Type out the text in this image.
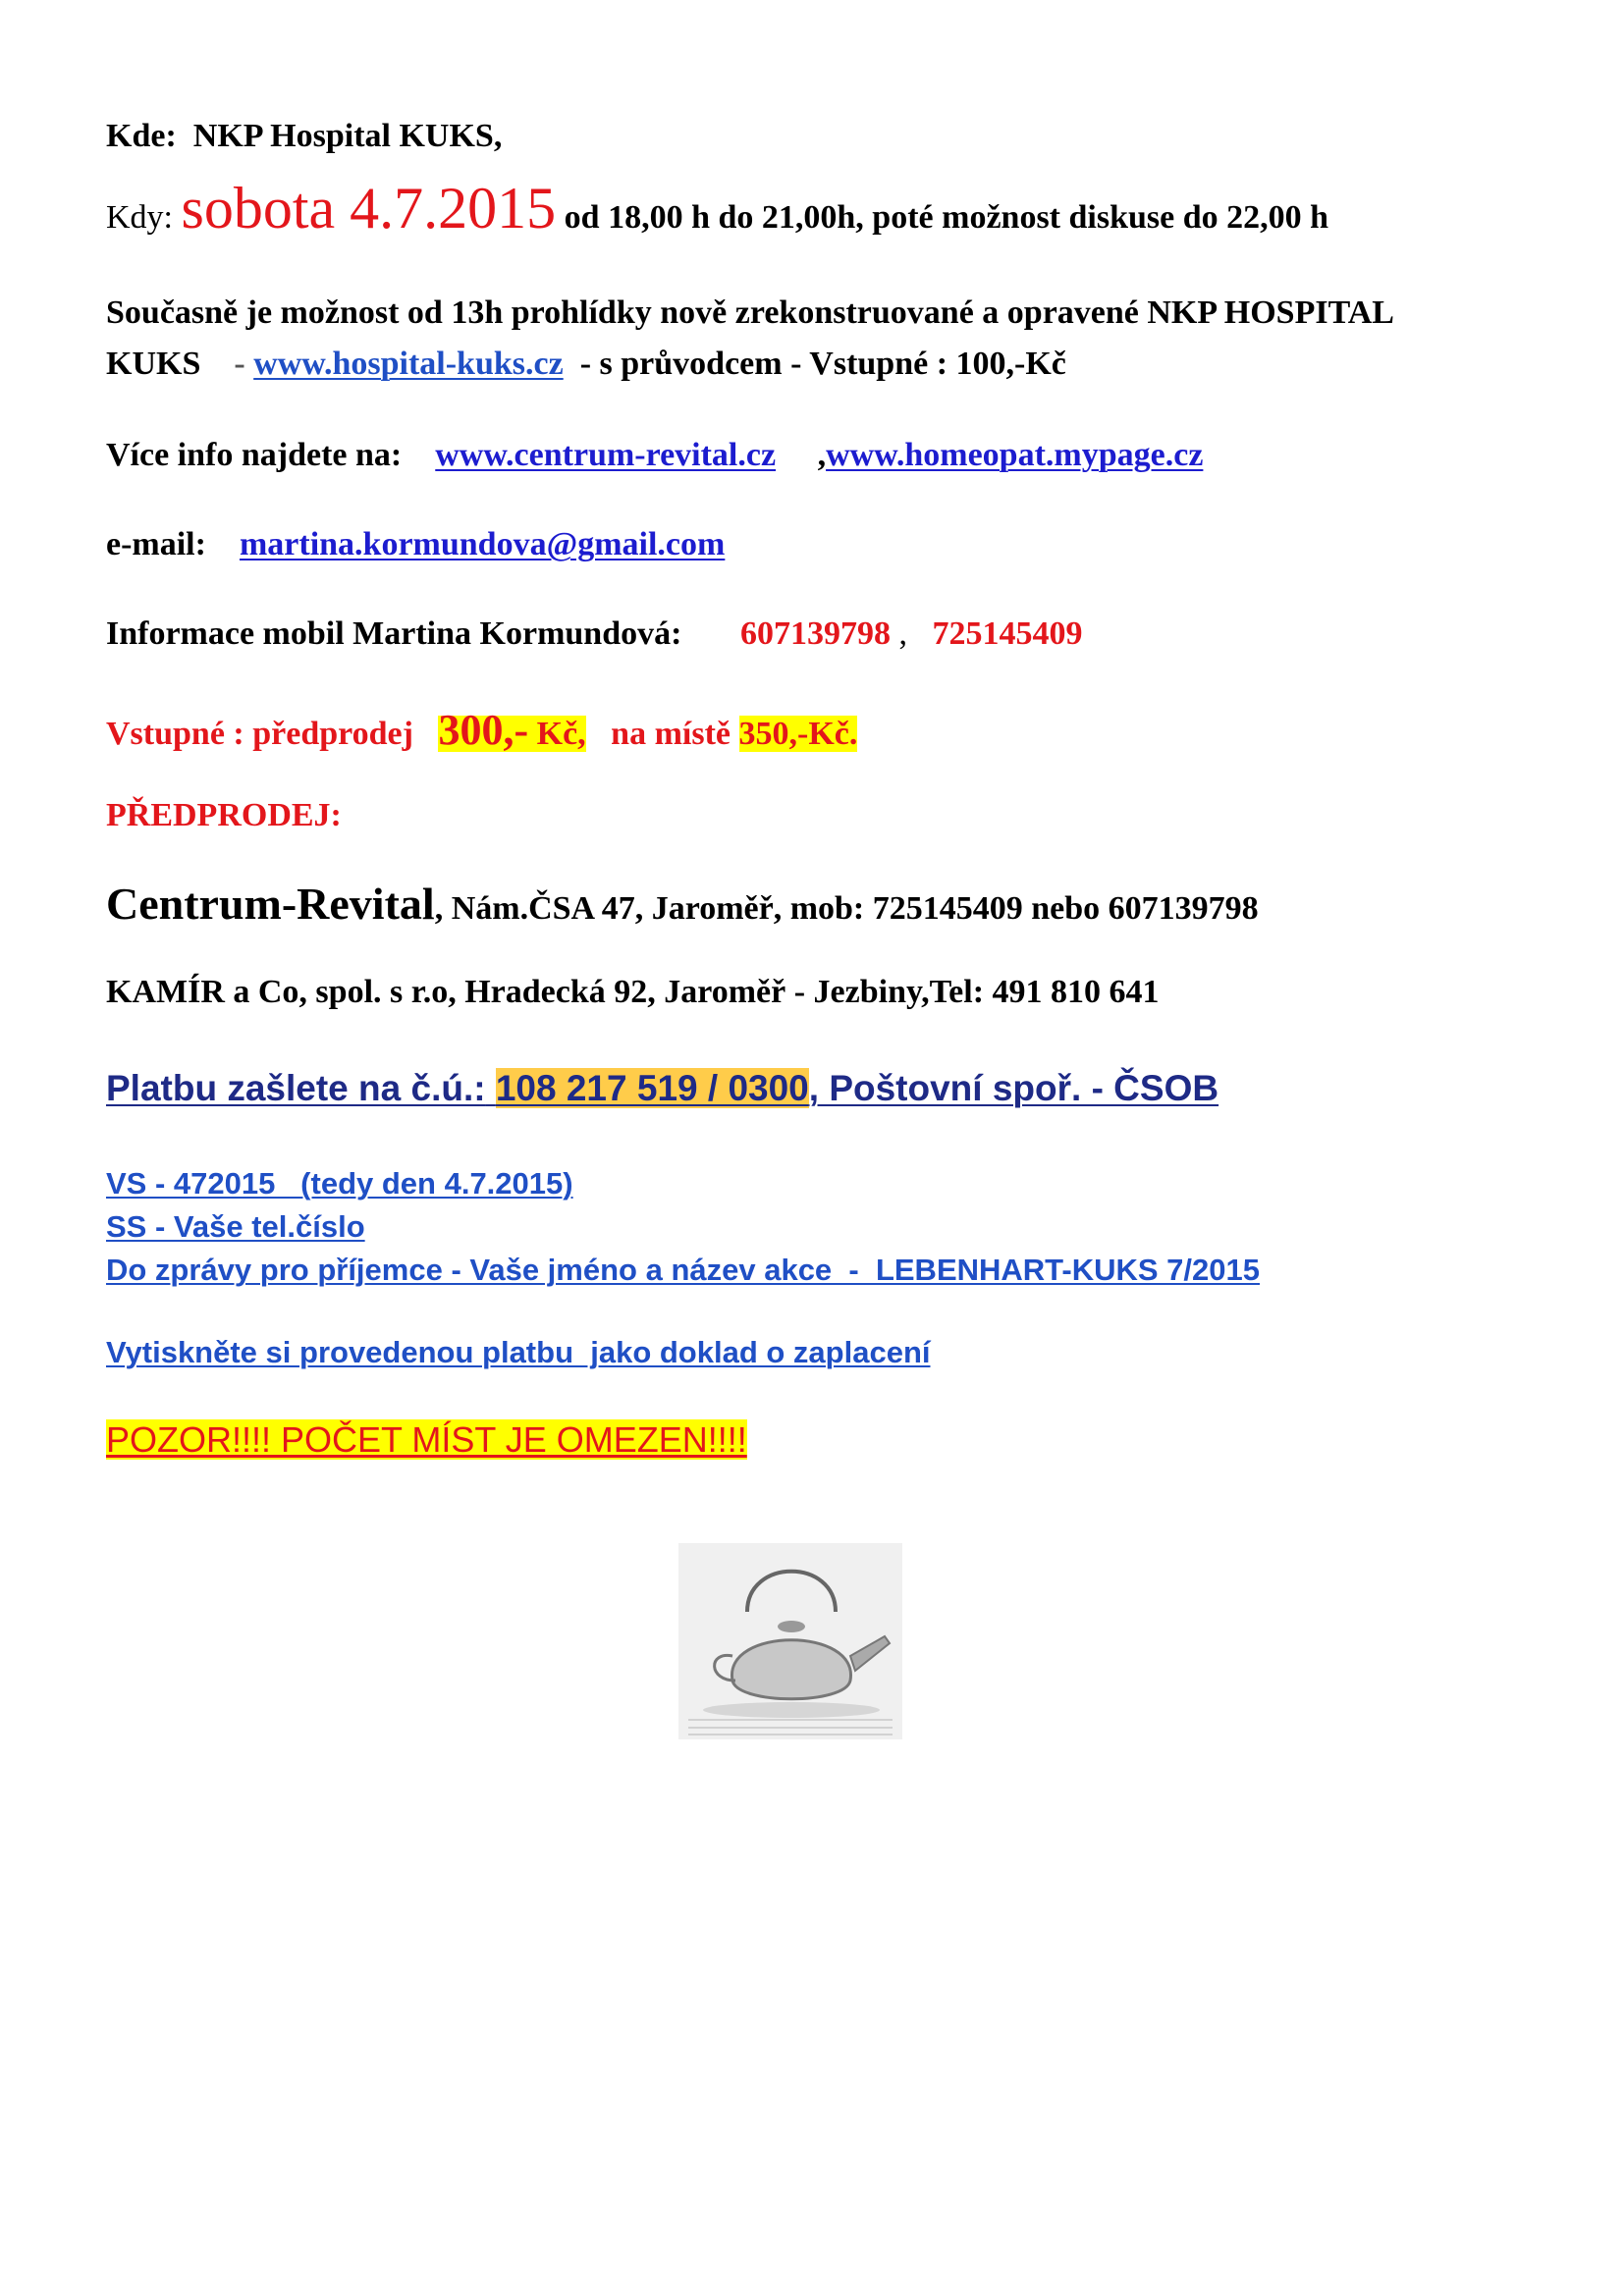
Kde: NKP Hospital KUKS,
Kdy: sobota 4.7.2015 od 18,00 h do 21,00h, poté možnost diskuse do 22,00 h
Současně je možnost od 13h prohlídky nově zrekonstruované a opravené NKP HOSPITAL
KUKS - www.hospital-kuks.cz - s průvodcem - Vstupné : 100,-Kč
Více info najdete na: www.centrum-revital.cz ,www.homeopat.mypage.cz
e-mail: martina.kormundova@gmail.com
Informace mobil Martina Kormundová: 607139798 , 725145409
Vstupné : předprodej 300,- Kč, na místě 350,-Kč.
PŘEDPRODEJ:
Centrum-Revital, Nám.ČSA 47, Jaroměř, mob: 725145409 nebo 607139798
KAMÍR a Co, spol. s r.o, Hradecká 92, Jaroměř - Jezbiny,Tel: 491 810 641
Platbu zašlete na č.ú.: 108 217 519 / 0300, Poštovní spoř. - ČSOB
VS - 472015   (tedy den 4.7.2015)
SS - Vaše tel.číslo
Do zprávy pro příjemce - Vaše jméno a název akce  -  LEBENHART-KUKS 7/2015
Vytiskněte si provedenou platbu  jako doklad o zaplacení
POZOR!!!! POČET MÍST JE OMEZEN!!!!
